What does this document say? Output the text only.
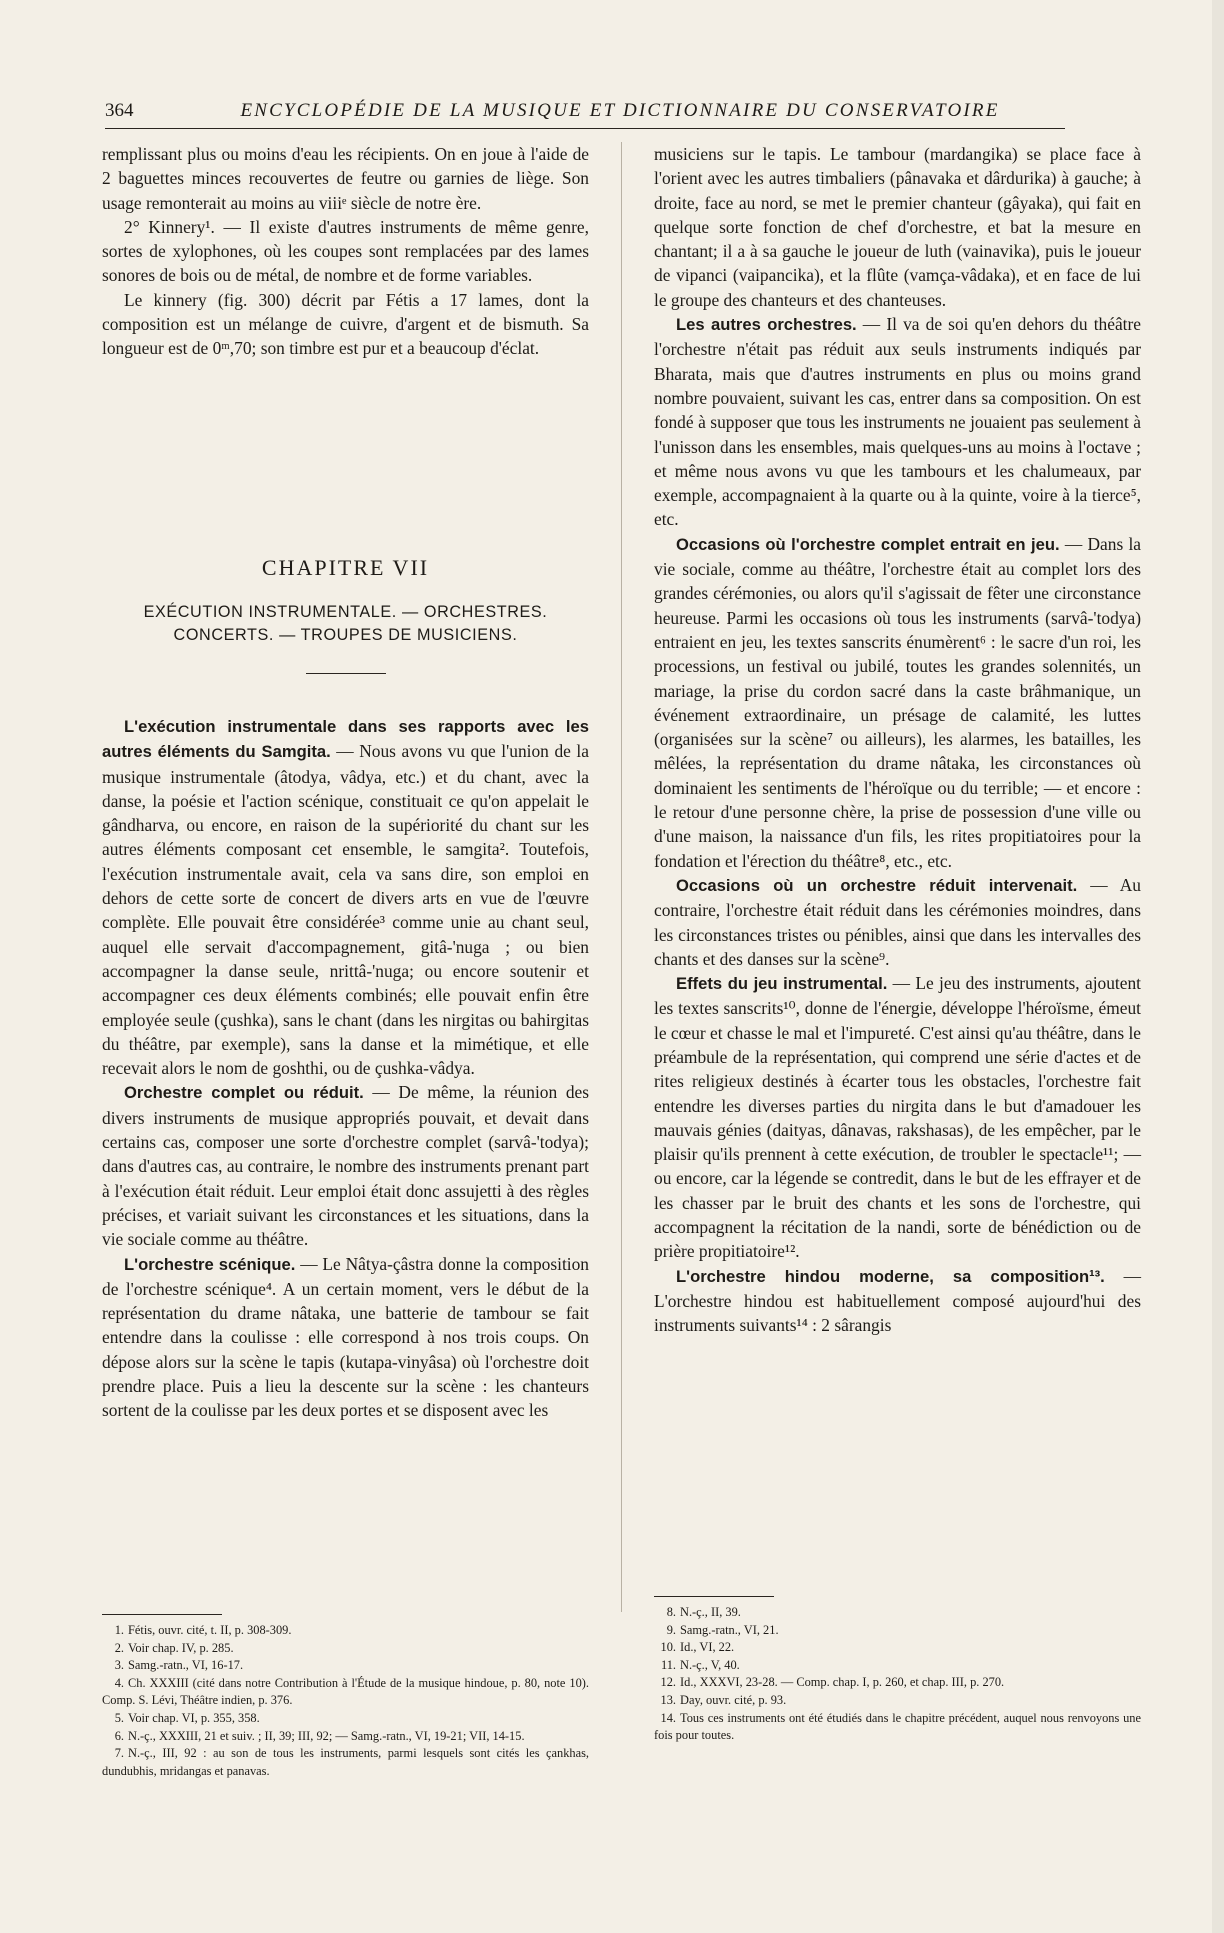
364	ENCYCLOPÉDIE DE LA MUSIQUE ET DICTIONNAIRE DU CONSERVATOIRE

remplissant plus ou moins d'eau les récipients. On en joue à l'aide de 2 baguettes minces recouvertes de feutre ou garnies de liège. Son usage remonterait au moins au viiiᵉ siècle de notre ère.

2° Kinnery¹. — Il existe d'autres instruments de même genre, sortes de xylophones, où les coupes sont remplacées par des lames sonores de bois ou de métal, de nombre et de forme variables.

Le kinnery (fig. 300) décrit par Fétis a 17 lames, dont la composition est un mélange de cuivre, d'argent et de bismuth. Sa longueur est de 0ᵐ,70; son timbre est pur et a beaucoup d'éclat.

CHAPITRE VII
EXÉCUTION INSTRUMENTALE. — ORCHESTRES.
CONCERTS. — TROUPES DE MUSICIENS.

L'exécution instrumentale dans ses rapports avec les autres éléments du Samgita. — Nous avons vu que l'union de la musique instrumentale (âtodya, vâdya, etc.) et du chant, avec la danse, la poésie et l'action scénique, constituait ce qu'on appelait le gândharva, ou encore, en raison de la supériorité du chant sur les autres éléments composant cet ensemble, le samgita². Toutefois, l'exécution instrumentale avait, cela va sans dire, son emploi en dehors de cette sorte de concert de divers arts en vue de l'œuvre complète. Elle pouvait être considérée³ comme unie au chant seul, auquel elle servait d'accompagnement, gitâ-'nuga ; ou bien accompagner la danse seule, nrittâ-'nuga; ou encore soutenir et accompagner ces deux éléments combinés; elle pouvait enfin être employée seule (çushka), sans le chant (dans les nirgitas ou bahirgitas du théâtre, par exemple), sans la danse et la mimétique, et elle recevait alors le nom de goshthi, ou de çushka-vâdya.

Orchestre complet ou réduit. — De même, la réunion des divers instruments de musique appropriés pouvait, et devait dans certains cas, composer une sorte d'orchestre complet (sarvâ-'todya); dans d'autres cas, au contraire, le nombre des instruments prenant part à l'exécution était réduit. Leur emploi était donc assujetti à des règles précises, et variait suivant les circonstances et les situations, dans la vie sociale comme au théâtre.

L'orchestre scénique. — Le Nâtya-çâstra donne la composition de l'orchestre scénique⁴. A un certain moment, vers le début de la représentation du drame nâtaka, une batterie de tambour se fait entendre dans la coulisse : elle correspond à nos trois coups. On dépose alors sur la scène le tapis (kutapa-vinyâsa) où l'orchestre doit prendre place. Puis a lieu la descente sur la scène : les chanteurs sortent de la coulisse par les deux portes et se disposent avec les

1. Fétis, ouvr. cité, t. II, p. 308-309.
2. Voir chap. IV, p. 285.
3. Samg.-ratn., VI, 16-17.
4. Ch. XXXIII (cité dans notre Contribution à l'Étude de la musique hindoue, p. 80, note 10). Comp. S. Lévi, Théâtre indien, p. 376.
5. Voir chap. VI, p. 355, 358.
6. N.-ç., XXXIII, 21 et suiv. ; II, 39; III, 92; — Samg.-ratn., VI, 19-21; VII, 14-15.
7. N.-ç., III, 92 : au son de tous les instruments, parmi lesquels sont cités les çankhas, dundubhis, mridangas et panavas.

musiciens sur le tapis. Le tambour (mardangika) se place face à l'orient avec les autres timbaliers (pânavaka et dârdurika) à gauche; à droite, face au nord, se met le premier chanteur (gâyaka), qui fait en quelque sorte fonction de chef d'orchestre, et bat la mesure en chantant; il a à sa gauche le joueur de luth (vainavika), puis le joueur de vipanci (vaipancika), et la flûte (vamça-vâdaka), et en face de lui le groupe des chanteurs et des chanteuses.

Les autres orchestres. — Il va de soi qu'en dehors du théâtre l'orchestre n'était pas réduit aux seuls instruments indiqués par Bharata, mais que d'autres instruments en plus ou moins grand nombre pouvaient, suivant les cas, entrer dans sa composition. On est fondé à supposer que tous les instruments ne jouaient pas seulement à l'unisson dans les ensembles, mais quelques-uns au moins à l'octave ; et même nous avons vu que les tambours et les chalumeaux, par exemple, accompagnaient à la quarte ou à la quinte, voire à la tierce⁵, etc.

Occasions où l'orchestre complet entrait en jeu. — Dans la vie sociale, comme au théâtre, l'orchestre était au complet lors des grandes cérémonies, ou alors qu'il s'agissait de fêter une circonstance heureuse. Parmi les occasions où tous les instruments (sarvâ-'todya) entraient en jeu, les textes sanscrits énumèrent⁶ : le sacre d'un roi, les processions, un festival ou jubilé, toutes les grandes solennités, un mariage, la prise du cordon sacré dans la caste brâhmanique, un événement extraordinaire, un présage de calamité, les luttes (organisées sur la scène⁷ ou ailleurs), les alarmes, les batailles, les mêlées, la représentation du drame nâtaka, les circonstances où dominaient les sentiments de l'héroïque ou du terrible; — et encore : le retour d'une personne chère, la prise de possession d'une ville ou d'une maison, la naissance d'un fils, les rites propitiatoires pour la fondation et l'érection du théâtre⁸, etc., etc.

Occasions où un orchestre réduit intervenait. — Au contraire, l'orchestre était réduit dans les cérémonies moindres, dans les circonstances tristes ou pénibles, ainsi que dans les intervalles des chants et des danses sur la scène⁹.

Effets du jeu instrumental. — Le jeu des instruments, ajoutent les textes sanscrits¹⁰, donne de l'énergie, développe l'héroïsme, émeut le cœur et chasse le mal et l'impureté. C'est ainsi qu'au théâtre, dans le préambule de la représentation, qui comprend une série d'actes et de rites religieux destinés à écarter tous les obstacles, l'orchestre fait entendre les diverses parties du nirgita dans le but d'amadouer les mauvais génies (daityas, dânavas, rakshasas), de les empêcher, par le plaisir qu'ils prennent à cette exécution, de troubler le spectacle¹¹; — ou encore, car la légende se contredit, dans le but de les effrayer et de les chasser par le bruit des chants et les sons de l'orchestre, qui accompagnent la récitation de la nandi, sorte de bénédiction ou de prière propitiatoire¹².

L'orchestre hindou moderne, sa composition¹³. — L'orchestre hindou est habituellement composé aujourd'hui des instruments suivants¹⁴ : 2 sârangis

8. N.-ç., II, 39.
9. Samg.-ratn., VI, 21.
10. Id., VI, 22.
11. N.-ç., V, 40.
12. Id., XXXVI, 23-28. — Comp. chap. I, p. 260, et chap. III, p. 270.
13. Day, ouvr. cité, p. 93.
14. Tous ces instruments ont été étudiés dans le chapitre précédent, auquel nous renvoyons une fois pour toutes.
